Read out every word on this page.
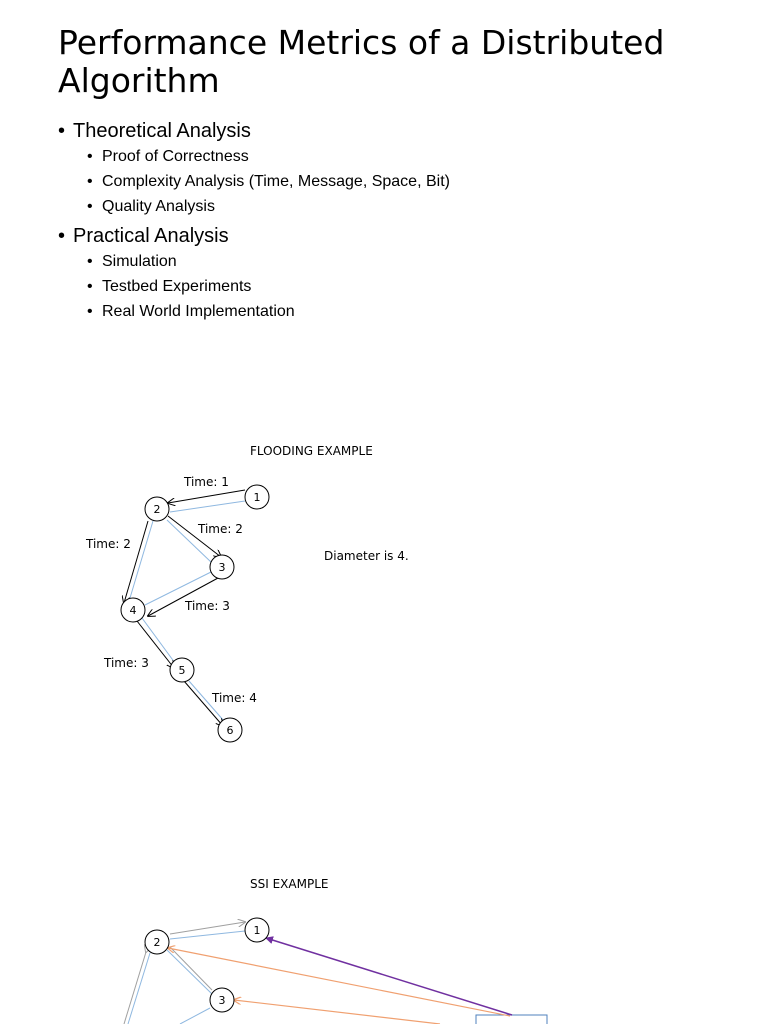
Performance Metrics of a Distributed Algorithm
• Theoretical Analysis
• Proof of Correctness
• Complexity Analysis (Time, Message, Space, Bit)
• Quality Analysis
• Practical Analysis
• Simulation
• Testbed Experiments
• Real World Implementation
FLOODING EXAMPLE
Diameter is 4.
Time: 1
Time: 2
Time: 2
Time: 3
Time: 3
Time: 4
1
2
3
4
5
6
SSI EXAMPLE
1
2
3
